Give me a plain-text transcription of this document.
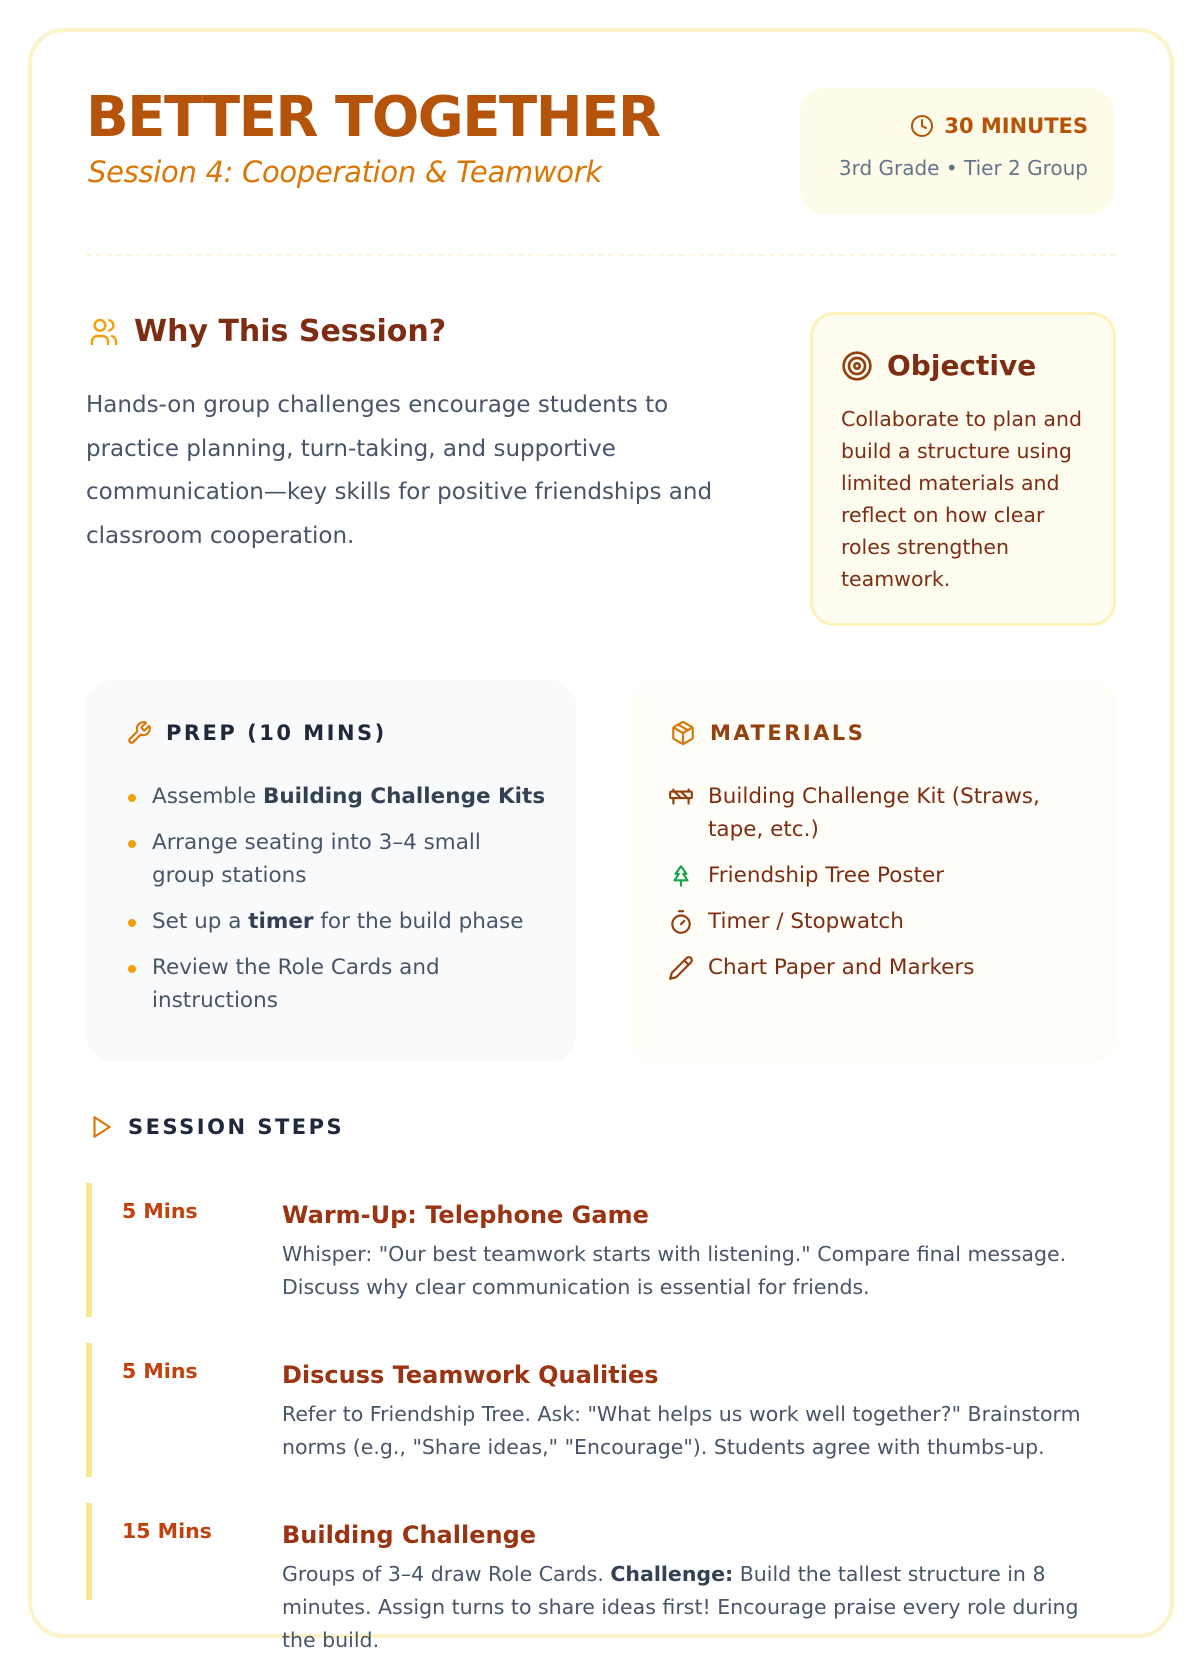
BETTER TOGETHER
Session 4: Cooperation & Teamwork
30 MINUTES
3rd Grade • Tier 2 Group
Why This Session?
Hands-on group challenges encourage students to practice planning, turn-taking, and supportive communication—key skills for positive friendships and classroom cooperation.
Objective
Collaborate to plan and build a structure using limited materials and reflect on how clear roles strengthen teamwork.
PREP (10 MINS)
Assemble Building Challenge Kits
Arrange seating into 3–4 small group stations
Set up a timer for the build phase
Review the Role Cards and instructions
MATERIALS
Building Challenge Kit (Straws, tape, etc.)
Friendship Tree Poster
Timer / Stopwatch
Chart Paper and Markers
SESSION STEPS
5 Mins	Warm-Up: Telephone Game
Whisper: "Our best teamwork starts with listening." Compare final message. Discuss why clear communication is essential for friends.
5 Mins	Discuss Teamwork Qualities
Refer to Friendship Tree. Ask: "What helps us work well together?" Brainstorm norms (e.g., "Share ideas," "Encourage"). Students agree with thumbs-up.
15 Mins	Building Challenge
Groups of 3–4 draw Role Cards. Challenge: Build the tallest structure in 8 minutes. Assign turns to share ideas first! Encourage praise every role during the build.
